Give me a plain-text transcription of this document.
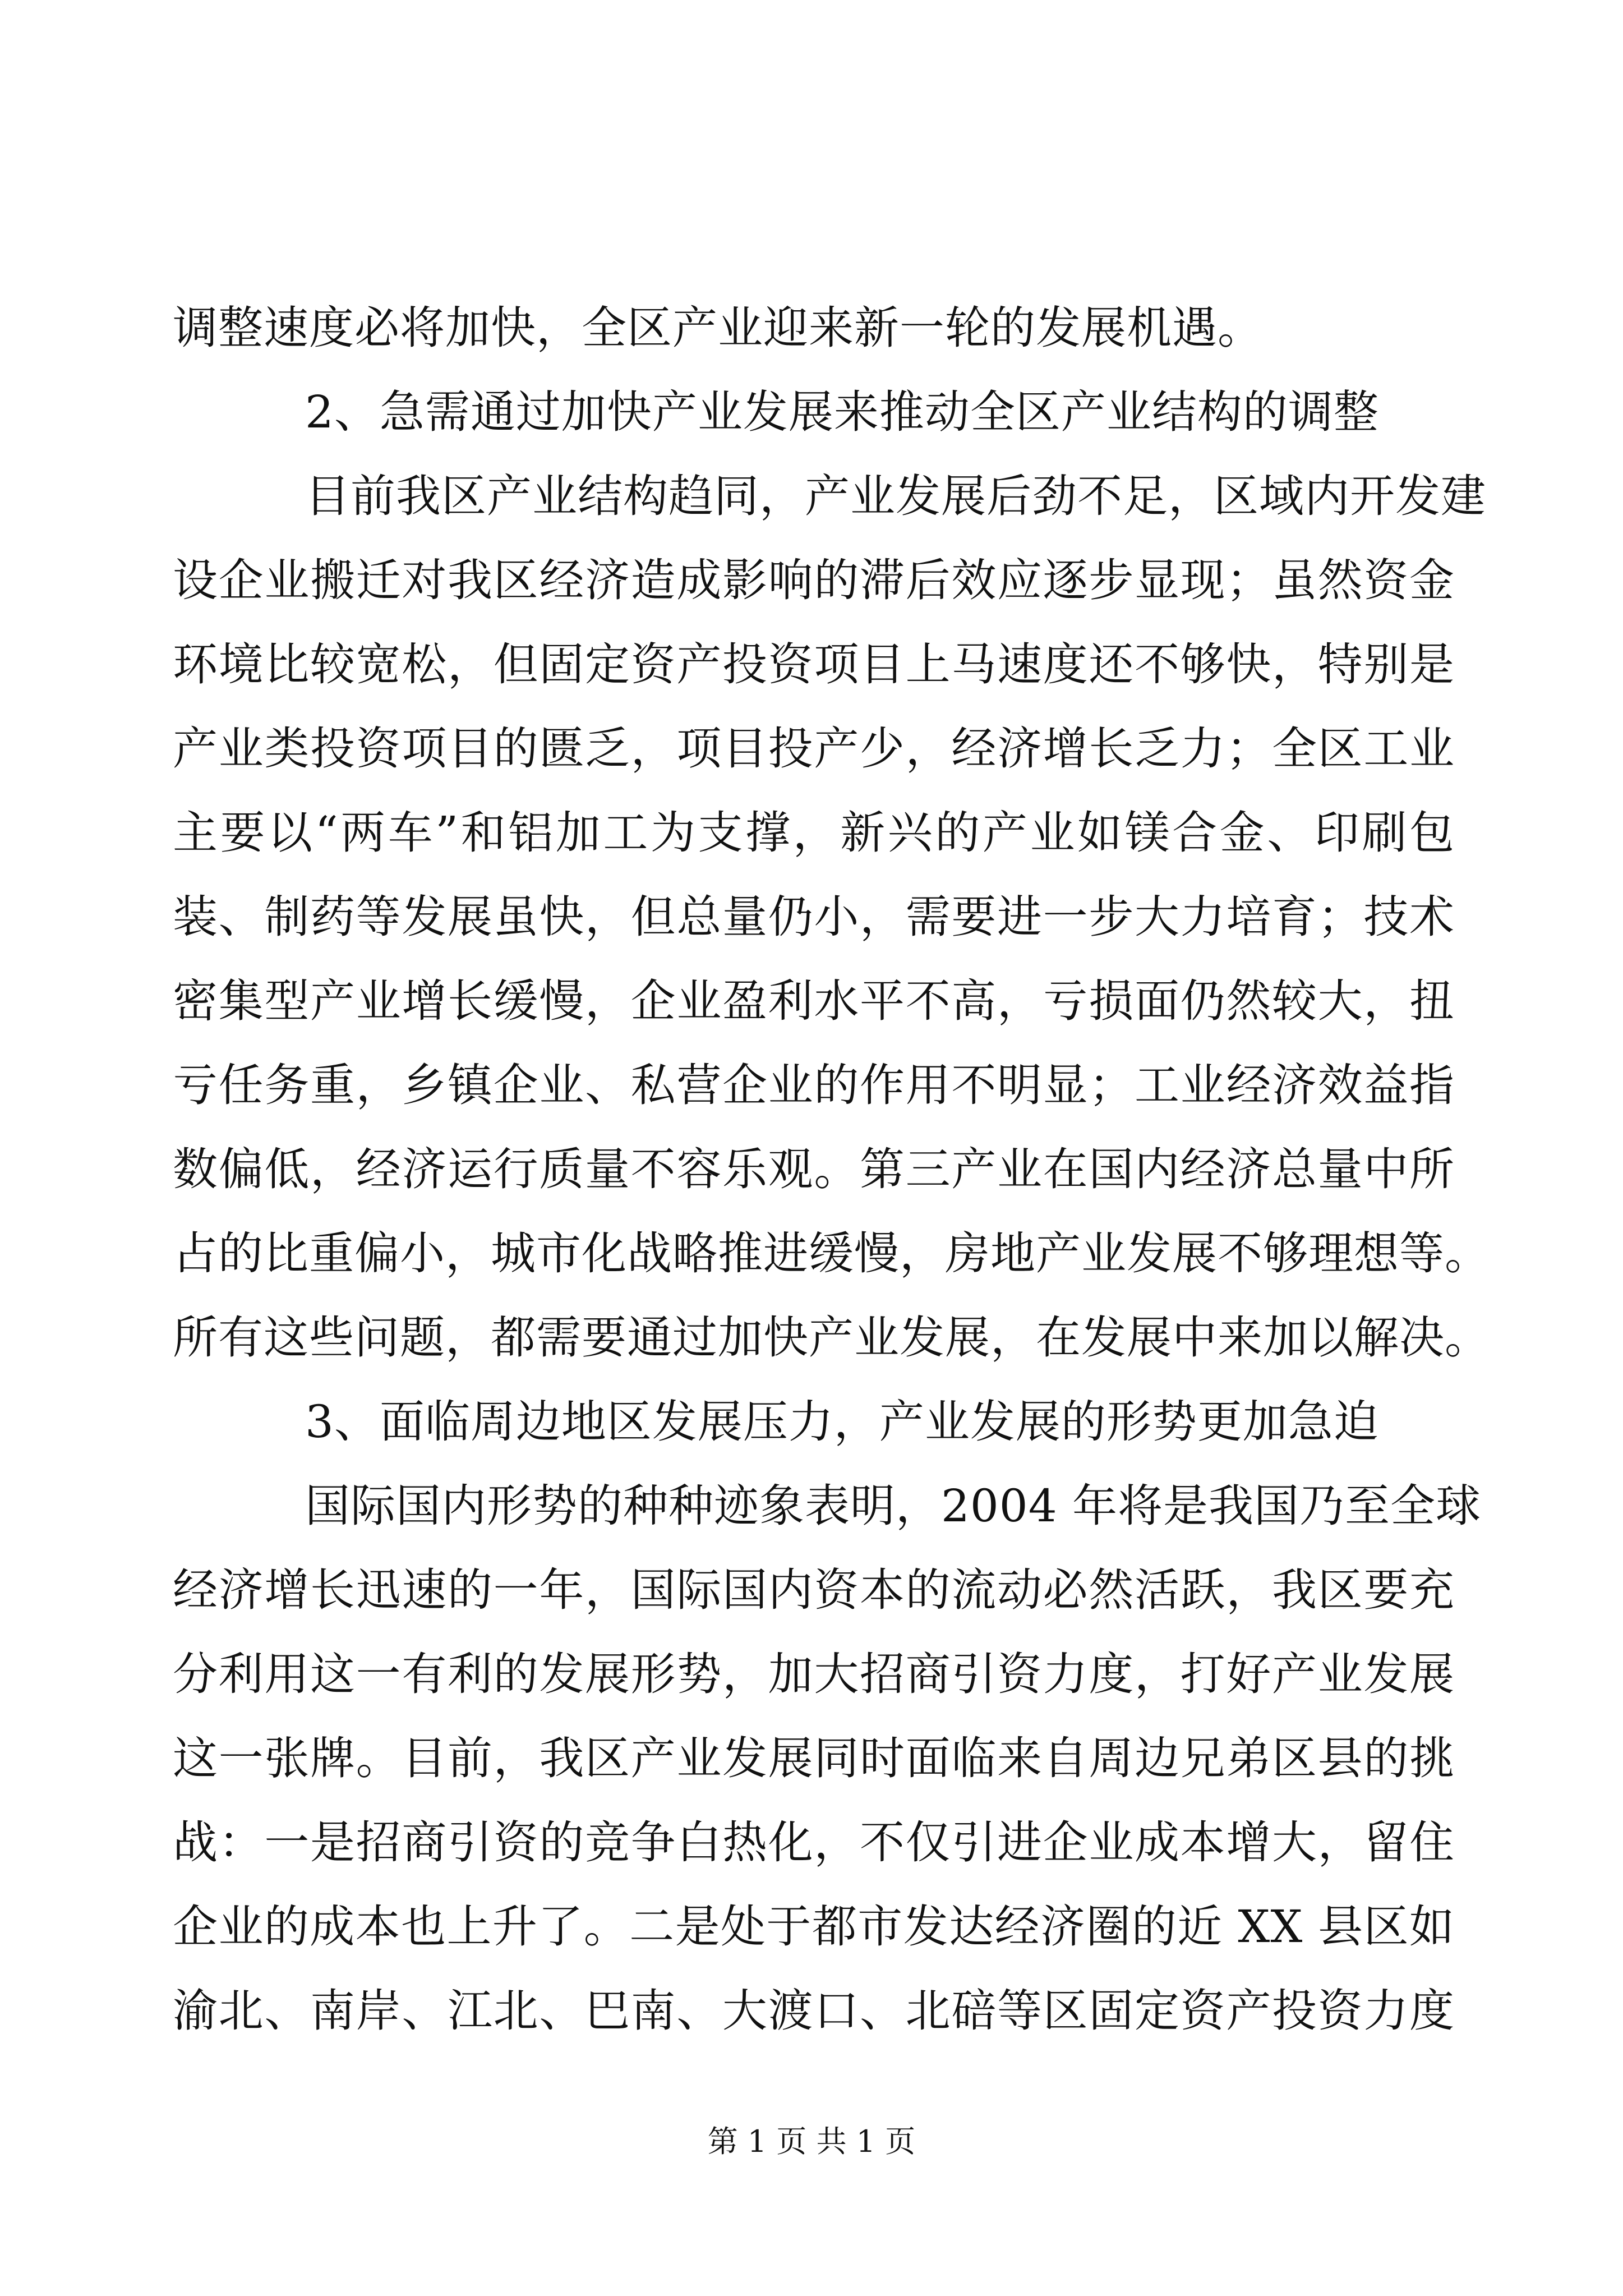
调整速度必将加快，全区产业迎来新一轮的发展机遇。
2、急需通过加快产业发展来推动全区产业结构的调整
目前我区产业结构趋同，产业发展后劲不足，区域内开发建
设企业搬迁对我区经济造成影响的滞后效应逐步显现；虽然资金
环境比较宽松，但固定资产投资项目上马速度还不够快，特别是
产业类投资项目的匮乏，项目投产少，经济增长乏力；全区工业
主要以“两车”和铝加工为支撑，新兴的产业如镁合金、印刷包
装、制药等发展虽快，但总量仍小，需要进一步大力培育；技术
密集型产业增长缓慢，企业盈利水平不高，亏损面仍然较大，扭
亏任务重，乡镇企业、私营企业的作用不明显；工业经济效益指
数偏低，经济运行质量不容乐观。第三产业在国内经济总量中所
占的比重偏小，城市化战略推进缓慢，房地产业发展不够理想等。
所有这些问题，都需要通过加快产业发展，在发展中来加以解决。
3、面临周边地区发展压力，产业发展的形势更加急迫
国际国内形势的种种迹象表明，2004 年将是我国乃至全球
经济增长迅速的一年，国际国内资本的流动必然活跃，我区要充
分利用这一有利的发展形势，加大招商引资力度，打好产业发展
这一张牌。目前，我区产业发展同时面临来自周边兄弟区县的挑
战：一是招商引资的竞争白热化，不仅引进企业成本增大，留住
企业的成本也上升了。二是处于都市发达经济圈的近 XX 县区如
渝北、南岸、江北、巴南、大渡口、北碚等区固定资产投资力度
第 1 页 共 1 页
